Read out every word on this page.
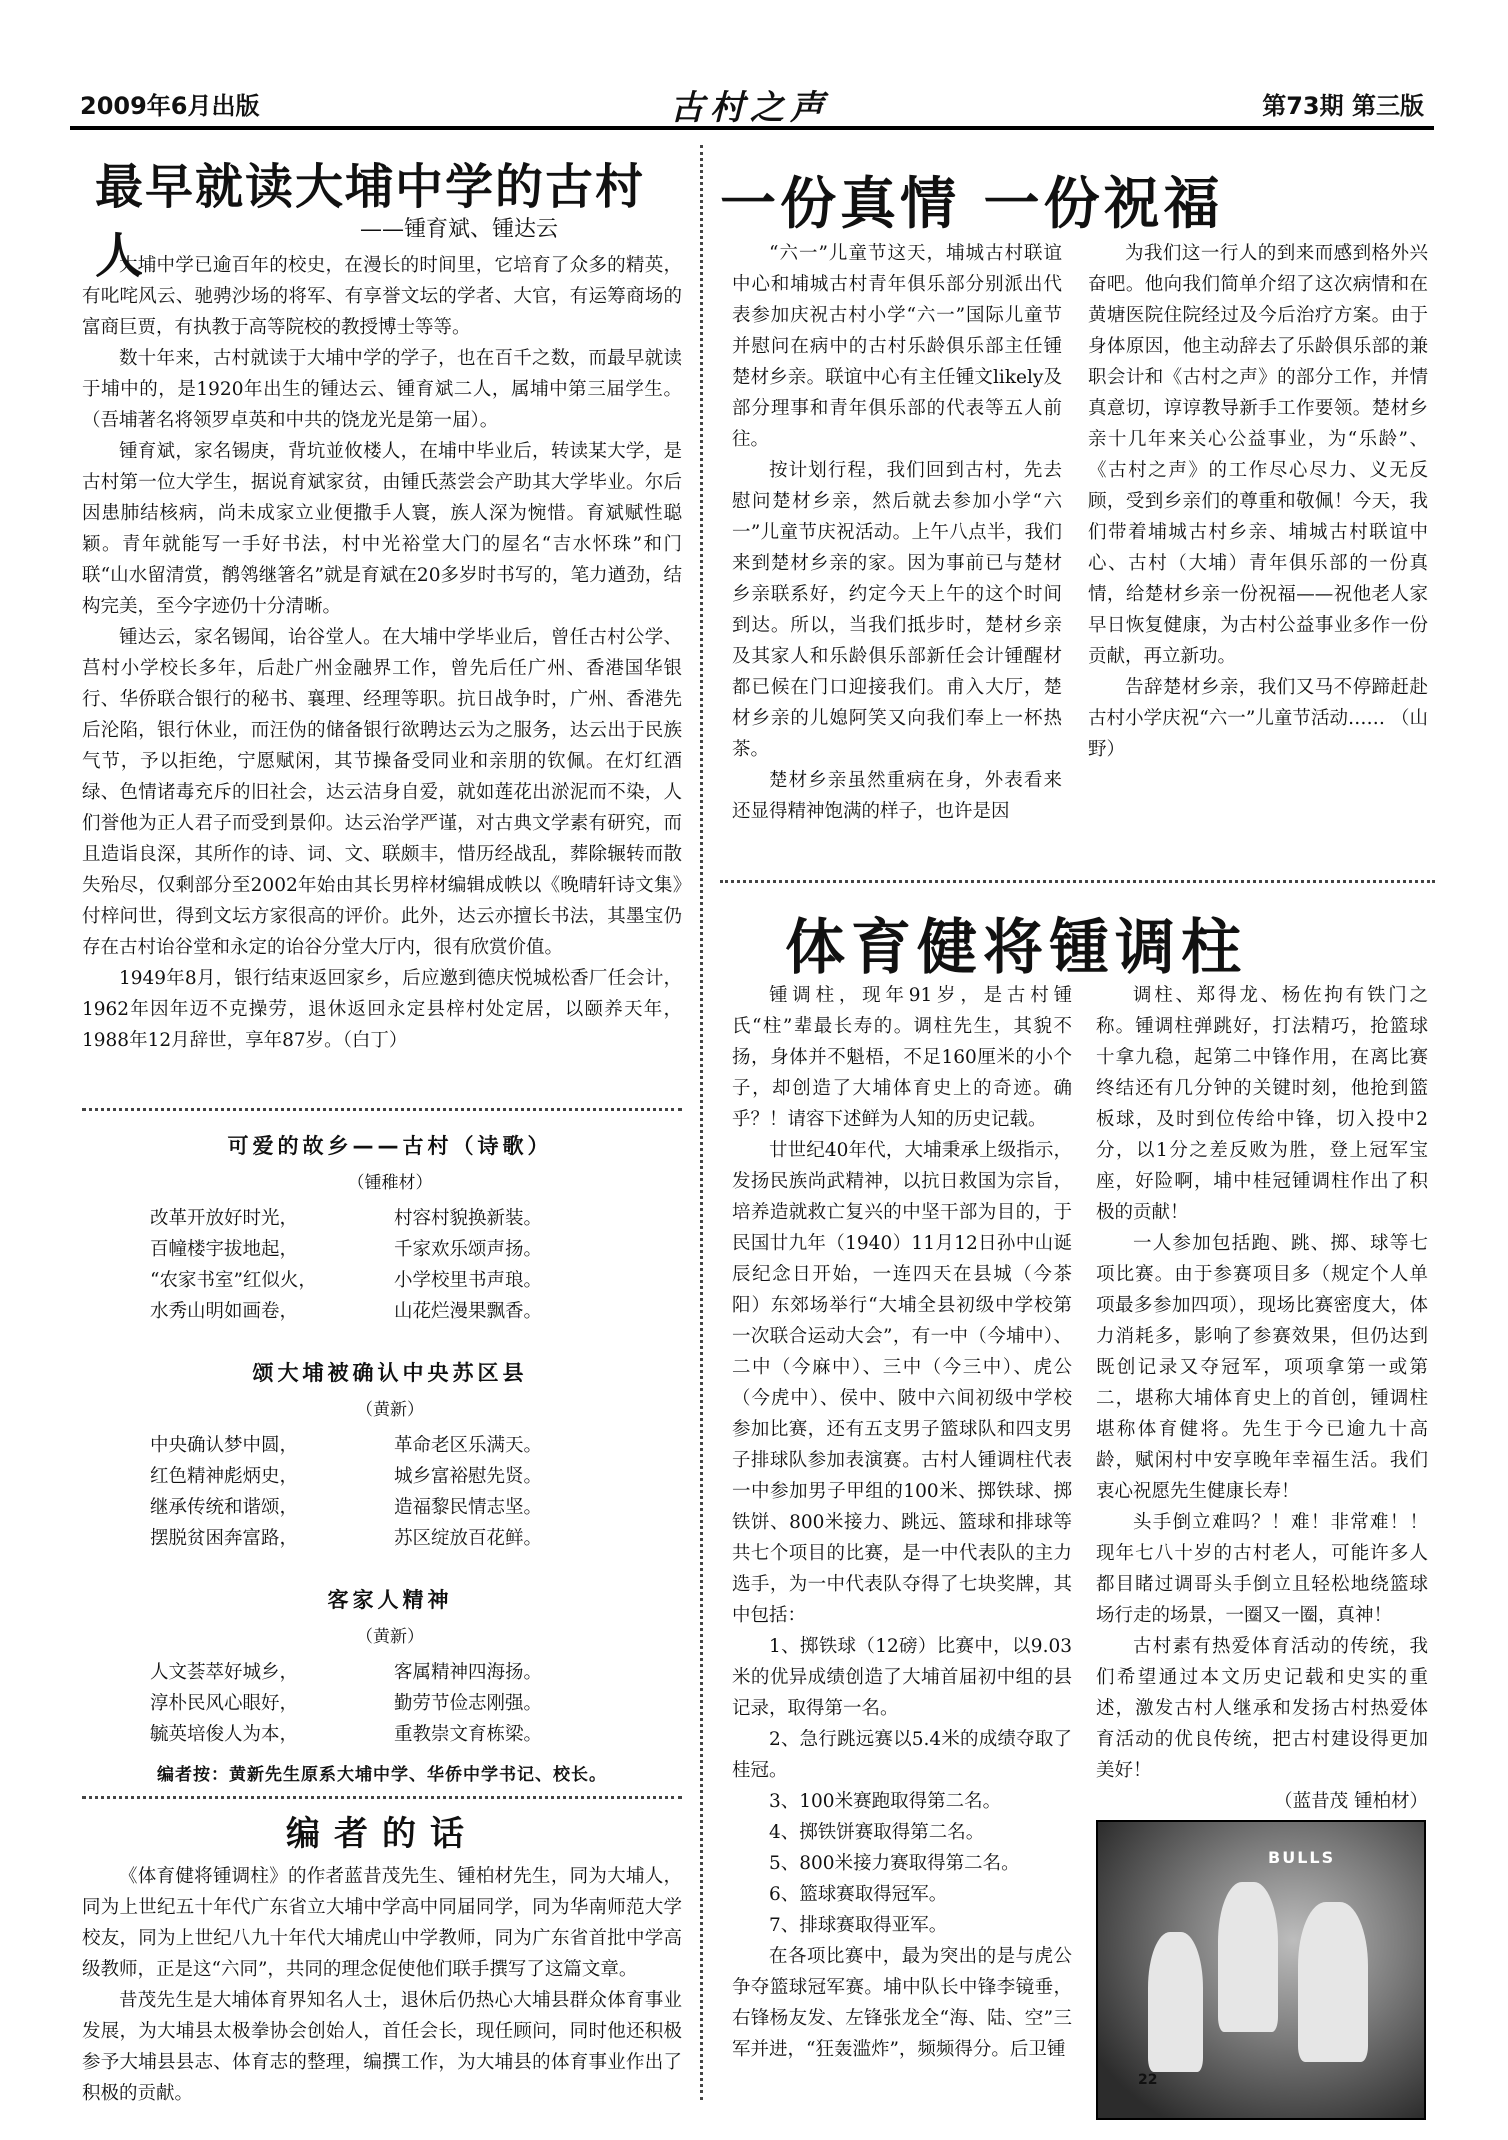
2009年6月出版	古村之声	第73期 第三版
最早就读大埔中学的古村人	——锺育斌、锺达云

大埔中学已逾百年的校史，在漫长的时间里，它培育了众多的精英，有叱咤风云、驰骋沙场的将军、有享誉文坛的学者、大官，有运筹商场的富商巨贾，有执教于高等院校的教授博士等等。

数十年来，古村就读于大埔中学的学子，也在百千之数，而最早就读于埔中的，是1920年出生的锺达云、锺育斌二人，属埔中第三届学生。（吾埔著名将领罗卓英和中共的饶龙光是第一届）。

锺育斌，家名锡庚，背坑並攸楼人，在埔中毕业后，转读某大学，是古村第一位大学生，据说育斌家贫，由锺氏蒸尝会产助其大学毕业。尔后因患肺结核病，尚未成家立业便撒手人寰，族人深为惋惜。育斌赋性聪颖。青年就能写一手好书法，村中光裕堂大门的屋名“吉水怀珠”和门联“山水留清赏，鹡鸰继箸名”就是育斌在20多岁时书写的，笔力遒劲，结构完美，至今字迹仍十分清晰。

锺达云，家名锡闻，诒谷堂人。在大埔中学毕业后，曾任古村公学、莒村小学校长多年，后赴广州金融界工作，曾先后任广州、香港国华银行、华侨联合银行的秘书、襄理、经理等职。抗日战争时，广州、香港先后沦陷，银行休业，而汪伪的储备银行欲聘达云为之服务，达云出于民族气节，予以拒绝，宁愿赋闲，其节操备受同业和亲朋的钦佩。在灯红酒绿、色情诸毒充斥的旧社会，达云洁身自爱，就如莲花出淤泥而不染，人们誉他为正人君子而受到景仰。达云治学严谨，对古典文学素有研究，而且造诣良深，其所作的诗、词、文、联颇丰，惜历经战乱，葬除辗转而散失殆尽，仅剩部分至2002年始由其长男梓材编辑成帙以《晚晴轩诗文集》付梓问世，得到文坛方家很高的评价。此外，达云亦擅长书法，其墨宝仍存在古村诒谷堂和永定的诒谷分堂大厅内，很有欣赏价值。

1949年8月，银行结束返回家乡，后应邀到德庆悦城松香厂任会计，1962年因年迈不克操劳，退休返回永定县梓村处定居，以颐养天年，1988年12月辞世，享年87岁。（白丁）

可爱的故乡——古村（诗歌）
（锺稚材）
改革开放好时光，	村容村貌换新装。
百幢楼宇拔地起，	千家欢乐颂声扬。
“农家书室”红似火，	小学校里书声琅。
水秀山明如画卷，	山花烂漫果飘香。
颂大埔被确认中央苏区县
（黄新）
中央确认梦中圆，	革命老区乐满天。
红色精神彪炳史，	城乡富裕慰先贤。
继承传统和谐颂，	造福黎民情志坚。
摆脱贫困奔富路，	苏区绽放百花鲜。
客家人精神
（黄新）
人文荟萃好城乡，	客属精神四海扬。
淳朴民风心眼好，	勤劳节俭志刚强。
毓英培俊人为本，	重教崇文育栋梁。
编者按：黄新先生原系大埔中学、华侨中学书记、校长。
编者的话

《体育健将锺调柱》的作者蓝昔茂先生、锺柏材先生，同为大埔人，同为上世纪五十年代广东省立大埔中学高中同届同学，同为华南师范大学校友，同为上世纪八九十年代大埔虎山中学教师，同为广东省首批中学高级教师，正是这“六同”，共同的理念促使他们联手撰写了这篇文章。

昔茂先生是大埔体育界知名人士，退休后仍热心大埔县群众体育事业发展，为大埔县太极拳协会创始人，首任会长，现任顾问，同时他还积极参予大埔县县志、体育志的整理，编撰工作，为大埔县的体育事业作出了积极的贡献。

一份真情 一份祝福

“六一”儿童节这天，埔城古村联谊中心和埔城古村青年俱乐部分别派出代表参加庆祝古村小学“六一”国际儿童节并慰问在病中的古村乐龄俱乐部主任锺楚材乡亲。联谊中心有主任锺文likely及部分理事和青年俱乐部的代表等五人前往。

按计划行程，我们回到古村，先去慰问楚材乡亲，然后就去参加小学“六一”儿童节庆祝活动。上午八点半，我们来到楚材乡亲的家。因为事前已与楚材乡亲联系好，约定今天上午的这个时间到达。所以，当我们抵步时，楚材乡亲及其家人和乐龄俱乐部新任会计锺醒材都已候在门口迎接我们。甫入大厅，楚材乡亲的儿媳阿笑又向我们奉上一杯热茶。

楚材乡亲虽然重病在身，外表看来还显得精神饱满的样子，也许是因

为我们这一行人的到来而感到格外兴奋吧。他向我们简单介绍了这次病情和在黄塘医院住院经过及今后治疗方案。由于身体原因，他主动辞去了乐龄俱乐部的兼职会计和《古村之声》的部分工作，并情真意切，谆谆教导新手工作要领。楚材乡亲十几年来关心公益事业，为“乐龄”、《古村之声》的工作尽心尽力、义无反顾，受到乡亲们的尊重和敬佩！今天，我们带着埔城古村乡亲、埔城古村联谊中心、古村（大埔）青年俱乐部的一份真情，给楚材乡亲一份祝福——祝他老人家早日恢复健康，为古村公益事业多作一份贡献，再立新功。

告辞楚材乡亲，我们又马不停蹄赶赴古村小学庆祝“六一”儿童节活动…… （山野）

体育健将锺调柱

锺调柱，现年91岁，是古村锺氏“柱”辈最长寿的。调柱先生，其貌不扬，身体并不魁梧，不足160厘米的小个子，却创造了大埔体育史上的奇迹。确乎？！请容下述鲜为人知的历史记载。

廿世纪40年代，大埔秉承上级指示，发扬民族尚武精神，以抗日救国为宗旨，培养造就救亡复兴的中坚干部为目的，于民国廿九年（1940）11月12日孙中山诞辰纪念日开始，一连四天在县城（今茶阳）东郊场举行“大埔全县初级中学校第一次联合运动大会”，有一中（今埔中）、二中（今麻中）、三中（今三中）、虎公（今虎中）、侯中、陂中六间初级中学校参加比赛，还有五支男子篮球队和四支男子排球队参加表演赛。古村人锺调柱代表一中参加男子甲组的100米、掷铁球、掷铁饼、800米接力、跳远、篮球和排球等共七个项目的比赛，是一中代表队的主力选手，为一中代表队夺得了七块奖牌，其中包括：

1、掷铁球（12磅）比赛中，以9.03米的优异成绩创造了大埔首届初中组的县记录，取得第一名。

2、急行跳远赛以5.4米的成绩夺取了桂冠。

3、100米赛跑取得第二名。

4、掷铁饼赛取得第二名。

5、800米接力赛取得第二名。

6、篮球赛取得冠军。

7、排球赛取得亚军。

在各项比赛中，最为突出的是与虎公争夺篮球冠军赛。埔中队长中锋李镜垂，右锋杨友发、左锋张龙全“海、陆、空”三军并进，“狂轰滥炸”，频频得分。后卫锺

调柱、郑得龙、杨佐拘有铁门之称。锺调柱弹跳好，打法精巧，抢篮球十拿九稳，起第二中锋作用，在离比赛终结还有几分钟的关键时刻，他抢到篮板球，及时到位传给中锋，切入投中2分，以1分之差反败为胜，登上冠军宝座，好险啊，埔中桂冠锺调柱作出了积极的贡献！

一人参加包括跑、跳、掷、球等七项比赛。由于参赛项目多（规定个人单项最多参加四项），现场比赛密度大，体力消耗多，影响了参赛效果，但仍达到既创记录又夺冠军，项项拿第一或第二，堪称大埔体育史上的首创，锺调柱堪称体育健将。先生于今已逾九十高龄，赋闲村中安享晚年幸福生活。我们衷心祝愿先生健康长寿！

头手倒立难吗？！难！非常难！！现年七八十岁的古村老人，可能许多人都目睹过调哥头手倒立且轻松地绕篮球场行走的场景，一圈又一圈，真神！

古村素有热爱体育活动的传统，我们希望通过本文历史记载和史实的重述，激发古村人继承和发扬古村热爱体育活动的优良传统，把古村建设得更加美好！

（蓝昔茂 锺柏材）

BULLS
22
